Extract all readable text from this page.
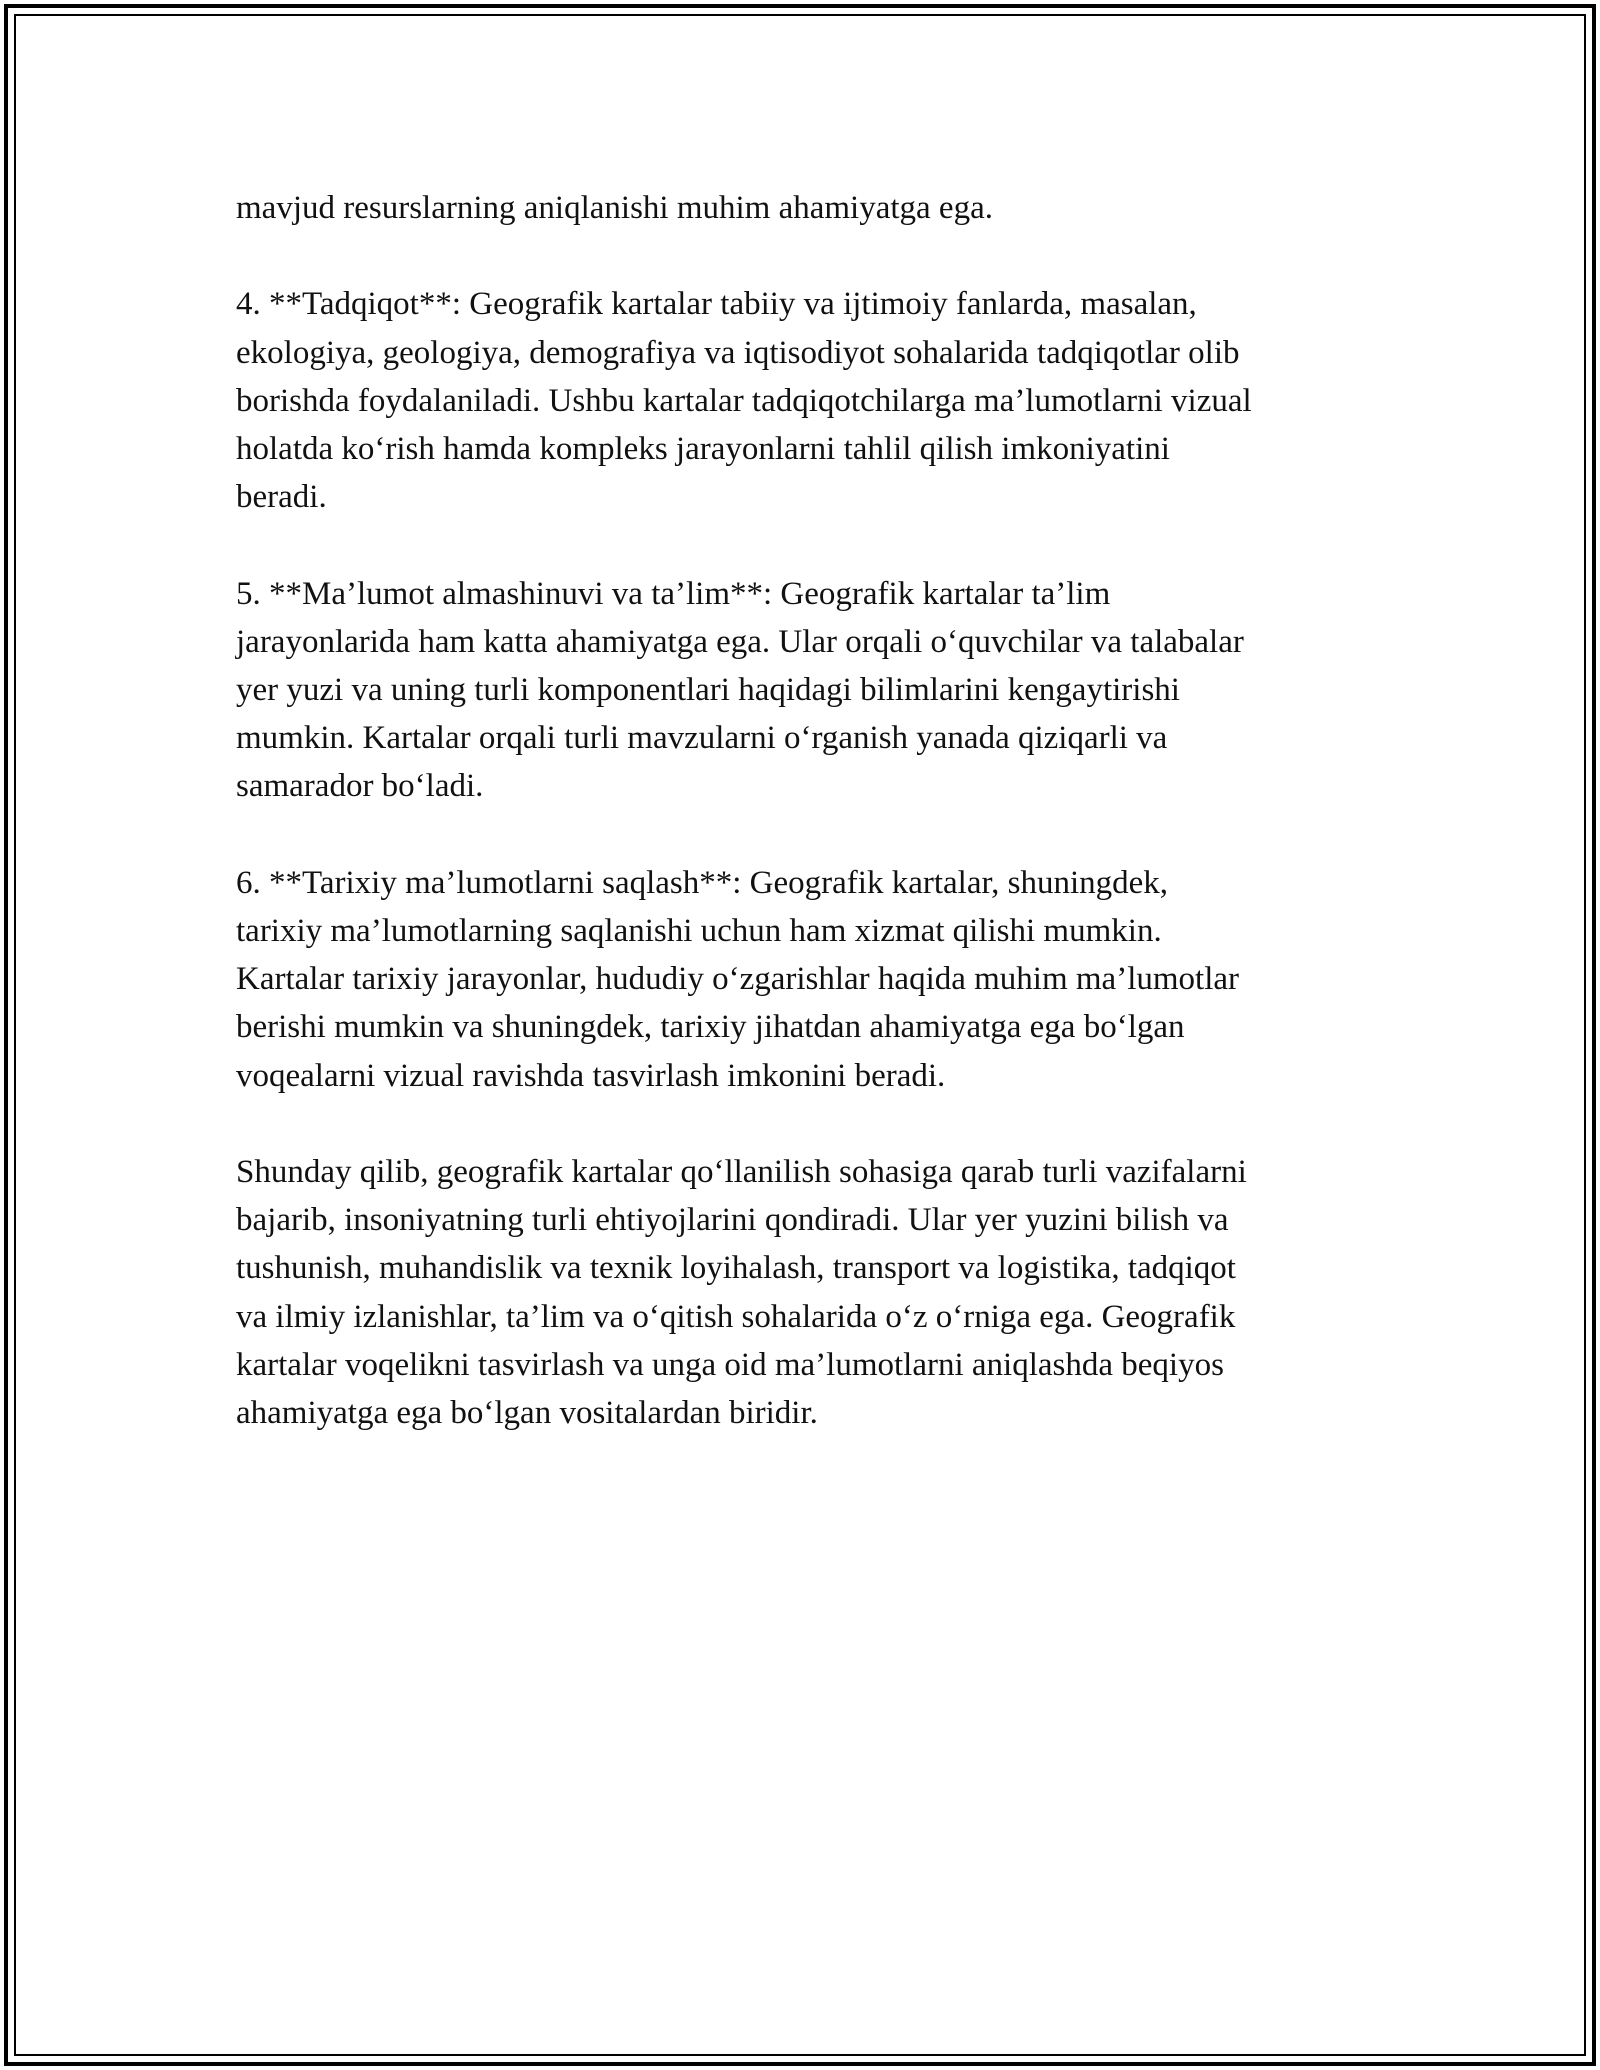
mavjud resurslarning aniqlanishi muhim ahamiyatga ega.

4. **Tadqiqot**: Geografik kartalar tabiiy va ijtimoiy fanlarda, masalan,
ekologiya, geologiya, demografiya va iqtisodiyot sohalarida tadqiqotlar olib
borishda foydalaniladi. Ushbu kartalar tadqiqotchilarga ma’lumotlarni vizual
holatda ko‘rish hamda kompleks jarayonlarni tahlil qilish imkoniyatini
beradi.

5. **Ma’lumot almashinuvi va ta’lim**: Geografik kartalar ta’lim
jarayonlarida ham katta ahamiyatga ega. Ular orqali o‘quvchilar va talabalar
yer yuzi va uning turli komponentlari haqidagi bilimlarini kengaytirishi
mumkin. Kartalar orqali turli mavzularni o‘rganish yanada qiziqarli va
samarador bo‘ladi.

6. **Tarixiy ma’lumotlarni saqlash**: Geografik kartalar, shuningdek,
tarixiy ma’lumotlarning saqlanishi uchun ham xizmat qilishi mumkin.
Kartalar tarixiy jarayonlar, hududiy o‘zgarishlar haqida muhim ma’lumotlar
berishi mumkin va shuningdek, tarixiy jihatdan ahamiyatga ega bo‘lgan
voqealarni vizual ravishda tasvirlash imkonini beradi.

Shunday qilib, geografik kartalar qo‘llanilish sohasiga qarab turli vazifalarni
bajarib, insoniyatning turli ehtiyojlarini qondiradi. Ular yer yuzini bilish va
tushunish, muhandislik va texnik loyihalash, transport va logistika, tadqiqot
va ilmiy izlanishlar, ta’lim va o‘qitish sohalarida o‘z o‘rniga ega. Geografik
kartalar voqelikni tasvirlash va unga oid ma’lumotlarni aniqlashda beqiyos
ahamiyatga ega bo‘lgan vositalardan biridir.
